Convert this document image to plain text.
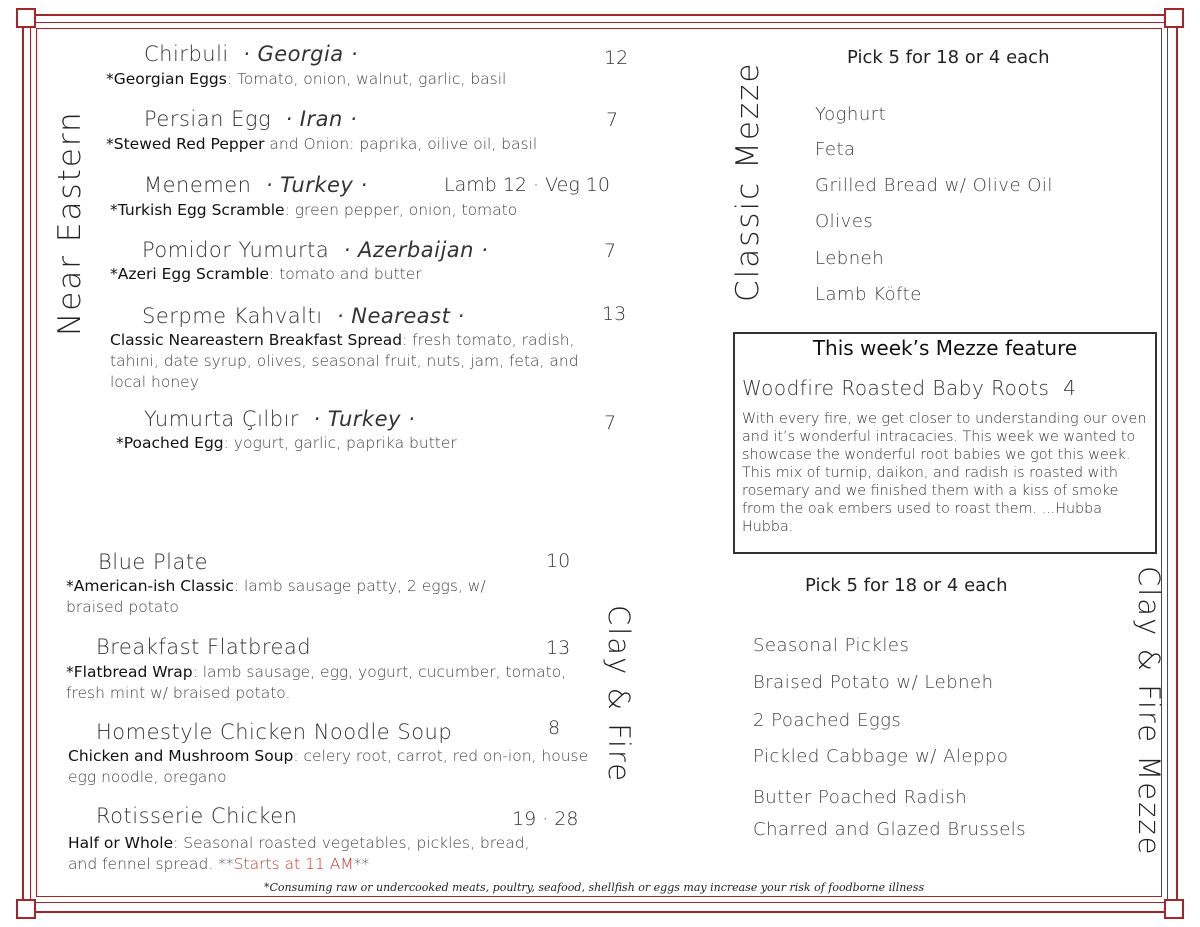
Near Eastern
Clay & Fire
Classic Mezze
Clay & Fire Mezze
Chirbuli · Georgia ·	12
*Georgian Eggs: Tomato, onion, walnut, garlic, basil
Persian Egg · Iran ·	7
*Stewed Red Pepper and Onion: paprika, oilive oil, basil
Menemen · Turkey ·	Lamb 12 · Veg 10
*Turkish Egg Scramble: green pepper, onion, tomato
Pomidor Yumurta · Azerbaijan ·	7
*Azeri Egg Scramble: tomato and butter
Serpme Kahvaltı · Neareast ·	13
Classic Neareastern Breakfast Spread: fresh tomato, radish, tahini, date syrup, olives, seasonal fruit, nuts, jam, feta, and local honey
Yumurta Çılbır · Turkey ·	7
*Poached Egg: yogurt, garlic, paprika butter
Blue Plate	10
*American-ish Classic: lamb sausage patty, 2 eggs, w/ braised potato
Breakfast Flatbread	13
*Flatbread Wrap: lamb sausage, egg, yogurt, cucumber, tomato, fresh mint w/ braised potato.
Homestyle Chicken Noodle Soup	8
Chicken and Mushroom Soup: celery root, carrot, red on-ion, house egg noodle, oregano
Rotisserie Chicken	19 · 28
Half or Whole: Seasonal roasted vegetables, pickles, bread, and fennel spread. **Starts at 11 AM**
Pick 5 for 18 or 4 each
Yoghurt
Feta
Grilled Bread w/ Olive Oil
Olives
Lebneh
Lamb Köfte
This week’s Mezze feature
Woodfire Roasted Baby Roots 4
With every fire, we get closer to understanding our oven and it’s wonderful intracacies. This week we wanted to showcase the wonderful root babies we got this week. This mix of turnip, daikon, and radish is roasted with rosemary and we finished them with a kiss of smoke from the oak embers used to roast them. ...Hubba Hubba.
Pick 5 for 18 or 4 each
Seasonal Pickles
Braised Potato w/ Lebneh
2 Poached Eggs
Pickled Cabbage w/ Aleppo
Butter Poached Radish
Charred and Glazed Brussels
*Consuming raw or undercooked meats, poultry, seafood, shellfish or eggs may increase your risk of foodborne illness
